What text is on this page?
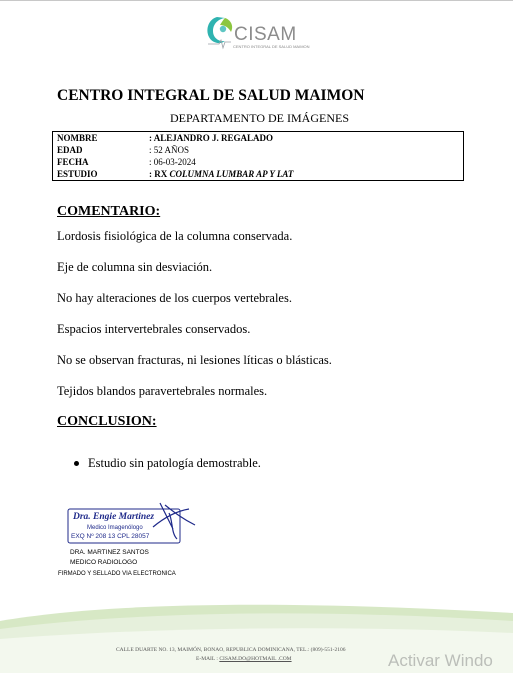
CISAM
CENTRO INTEGRAL DE SALUD MAIMON
CENTRO INTEGRAL DE SALUD MAIMON
DEPARTAMENTO DE IMÁGENES
NOMBRE	: ALEJANDRO J. REGALADO
EDAD	: 52 AÑOS
FECHA	: 06-03-2024
ESTUDIO	: RX COLUMNA LUMBAR AP Y LAT
COMENTARIO:
Lordosis fisiológica de la columna conservada.
Eje de columna sin desviación.
No hay alteraciones de los cuerpos vertebrales.
Espacios intervertebrales conservados.
No se observan fracturas, ni lesiones líticas o blásticas.
Tejidos blandos paravertebrales normales.
CONCLUSION:
Estudio sin patología demostrable.
Dra. Engie Martinez
Medico Imagenólogo
EXQ Nº 208 13 CPL 28057
DRA. MARTINEZ SANTOS
MEDICO RADIOLOGO
FIRMADO Y SELLADO VIA ELECTRONICA
CALLE DUARTE NO. 13, MAIMÓN, BONAO, REPUBLICA DOMINICANA, TEL.: (809)-551-2106
E-MAIL : CISAM.DO@HOTMAIL .COM	Activar Windo
